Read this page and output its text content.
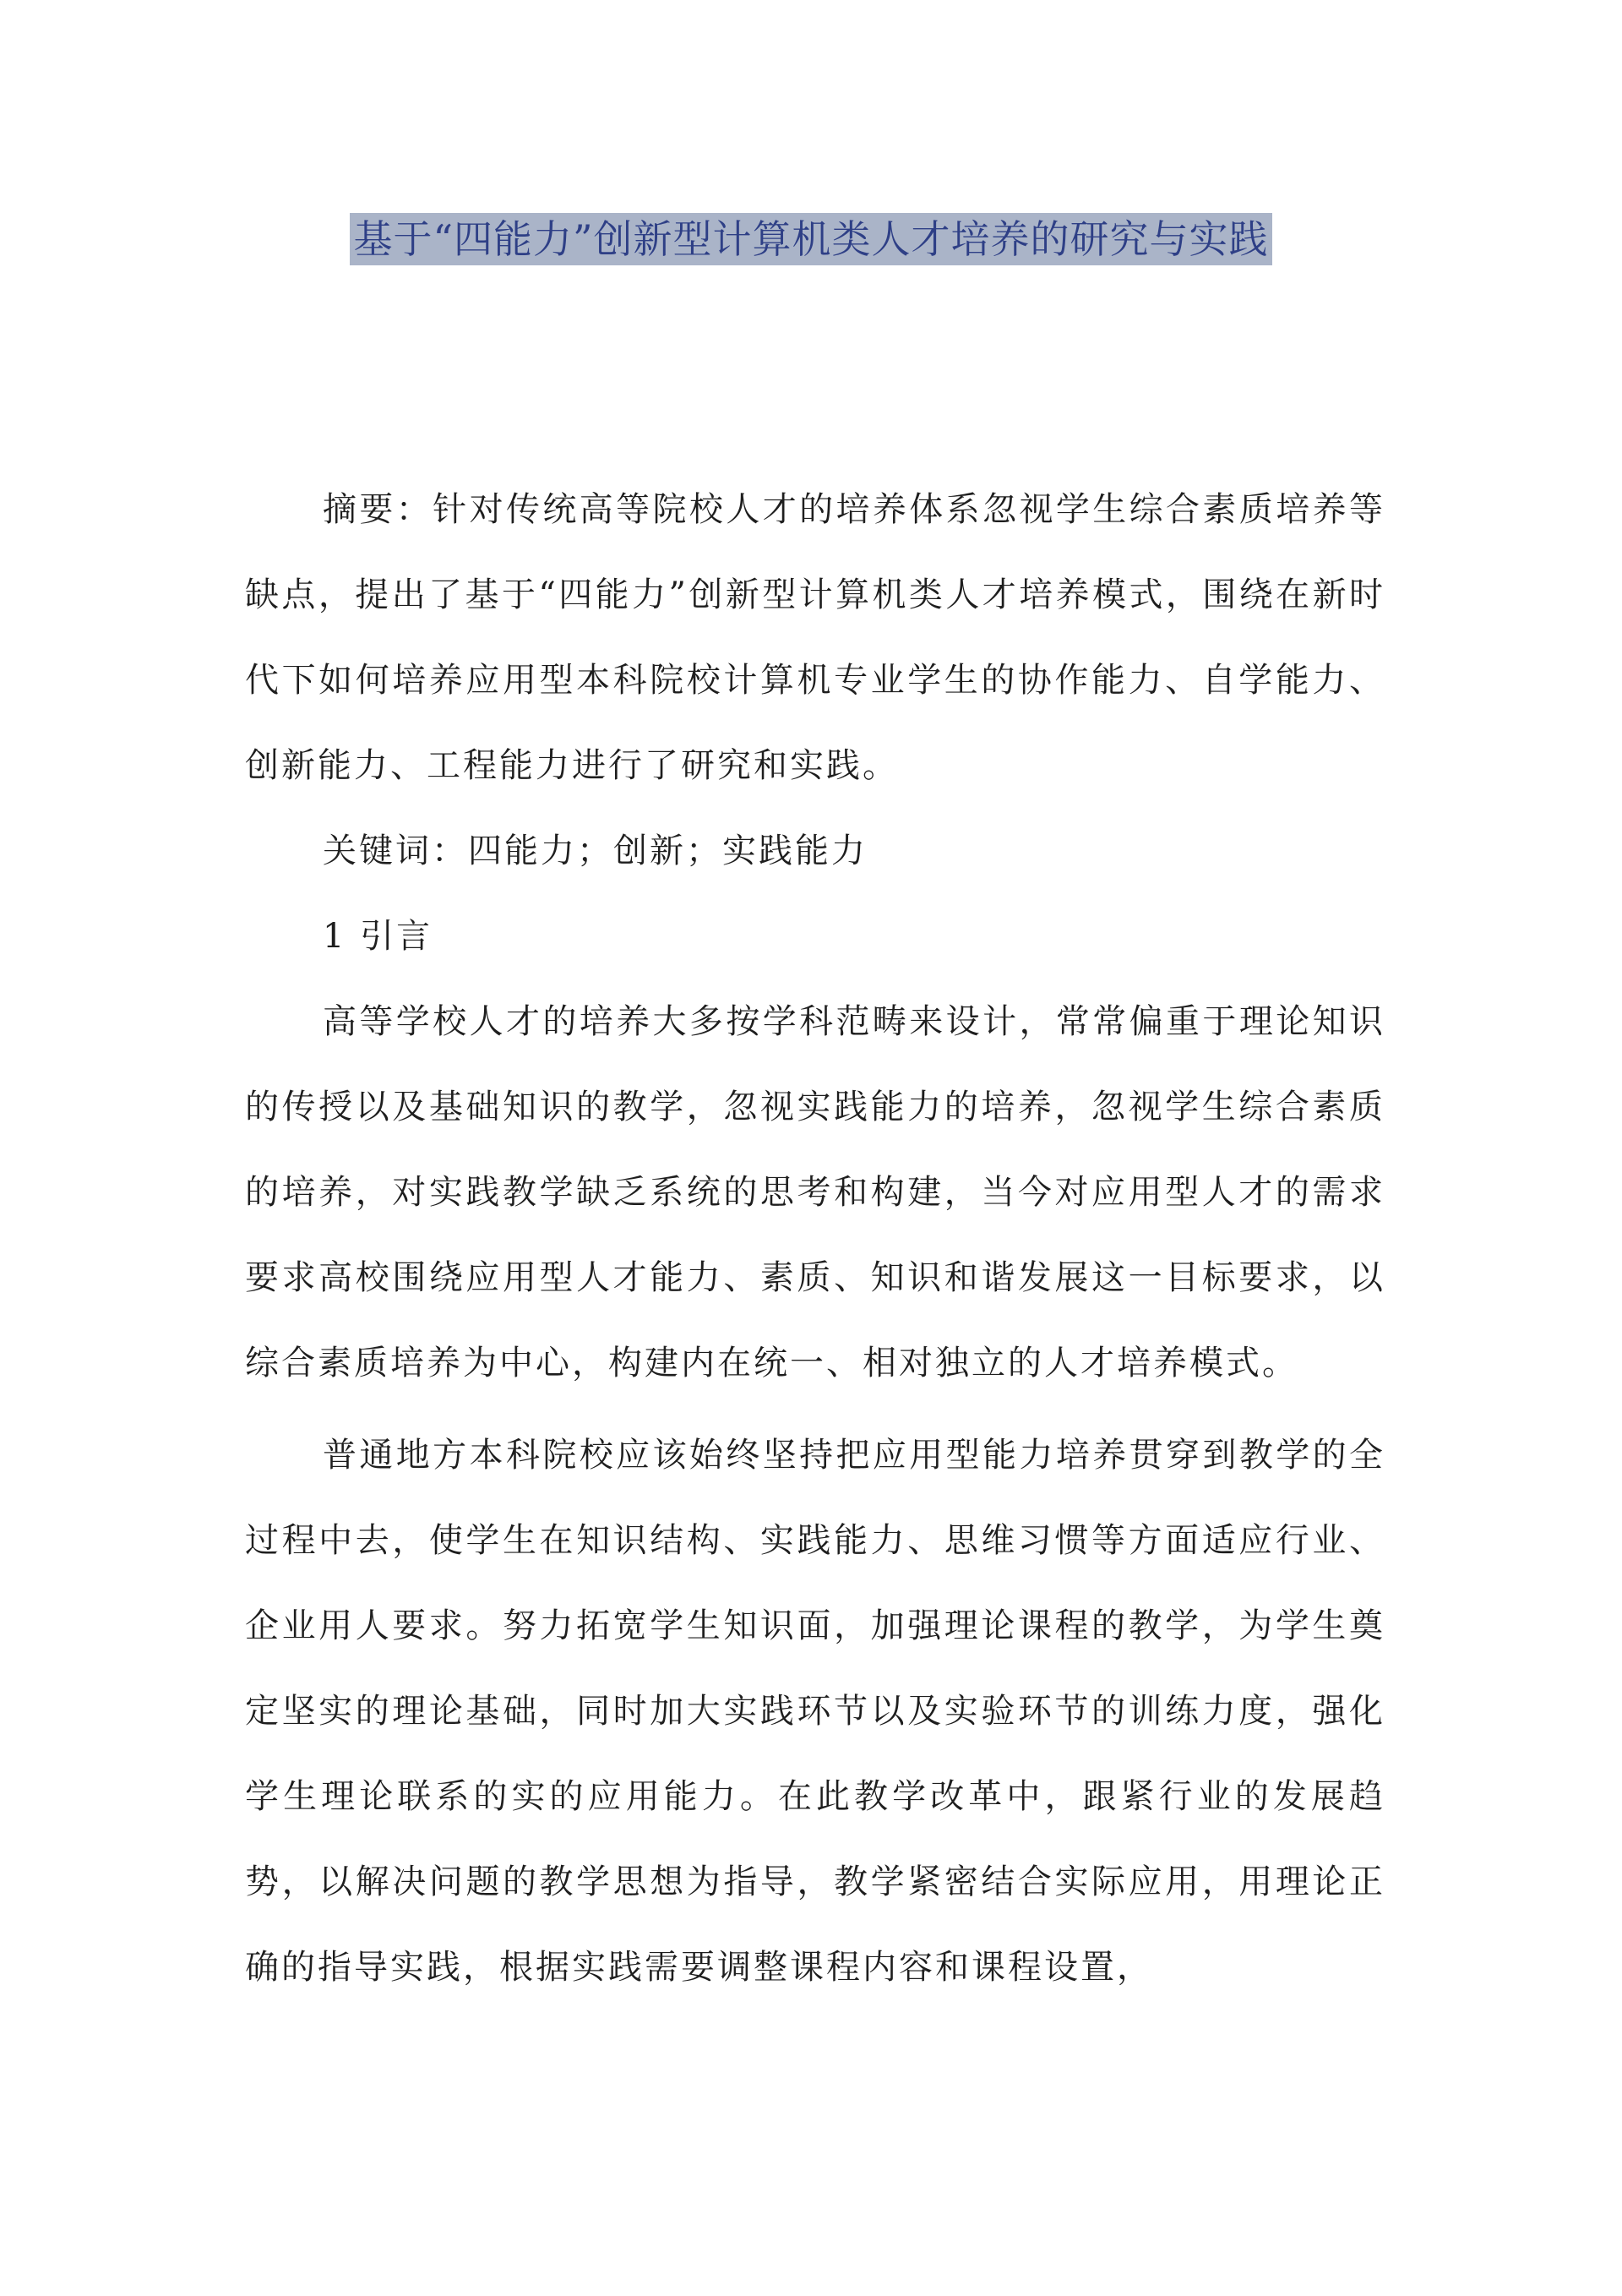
基于“四能力”创新型计算机类人才培养的研究与实践

摘要：针对传统高等院校人才的培养体系忽视学生综合素质培养等缺点，提出了基于“四能力”创新型计算机类人才培养模式，围绕在新时代下如何培养应用型本科院校计算机专业学生的协作能力、自学能力、创新能力、工程能力进行了研究和实践。

关键词：四能力；创新；实践能力

1 引言

高等学校人才的培养大多按学科范畴来设计，常常偏重于理论知识的传授以及基础知识的教学，忽视实践能力的培养，忽视学生综合素质的培养，对实践教学缺乏系统的思考和构建，当今对应用型人才的需求要求高校围绕应用型人才能力、素质、知识和谐发展这一目标要求，以综合素质培养为中心，构建内在统一、相对独立的人才培养模式。

普通地方本科院校应该始终坚持把应用型能力培养贯穿到教学的全过程中去，使学生在知识结构、实践能力、思维习惯等方面适应行业、企业用人要求。努力拓宽学生知识面，加强理论课程的教学，为学生奠定坚实的理论基础，同时加大实践环节以及实验环节的训练力度，强化学生理论联系的实的应用能力。在此教学改革中，跟紧行业的发展趋势，以解决问题的教学思想为指导，教学紧密结合实际应用，用理论正确的指导实践，根据实践需要调整课程内容和课程设置，
